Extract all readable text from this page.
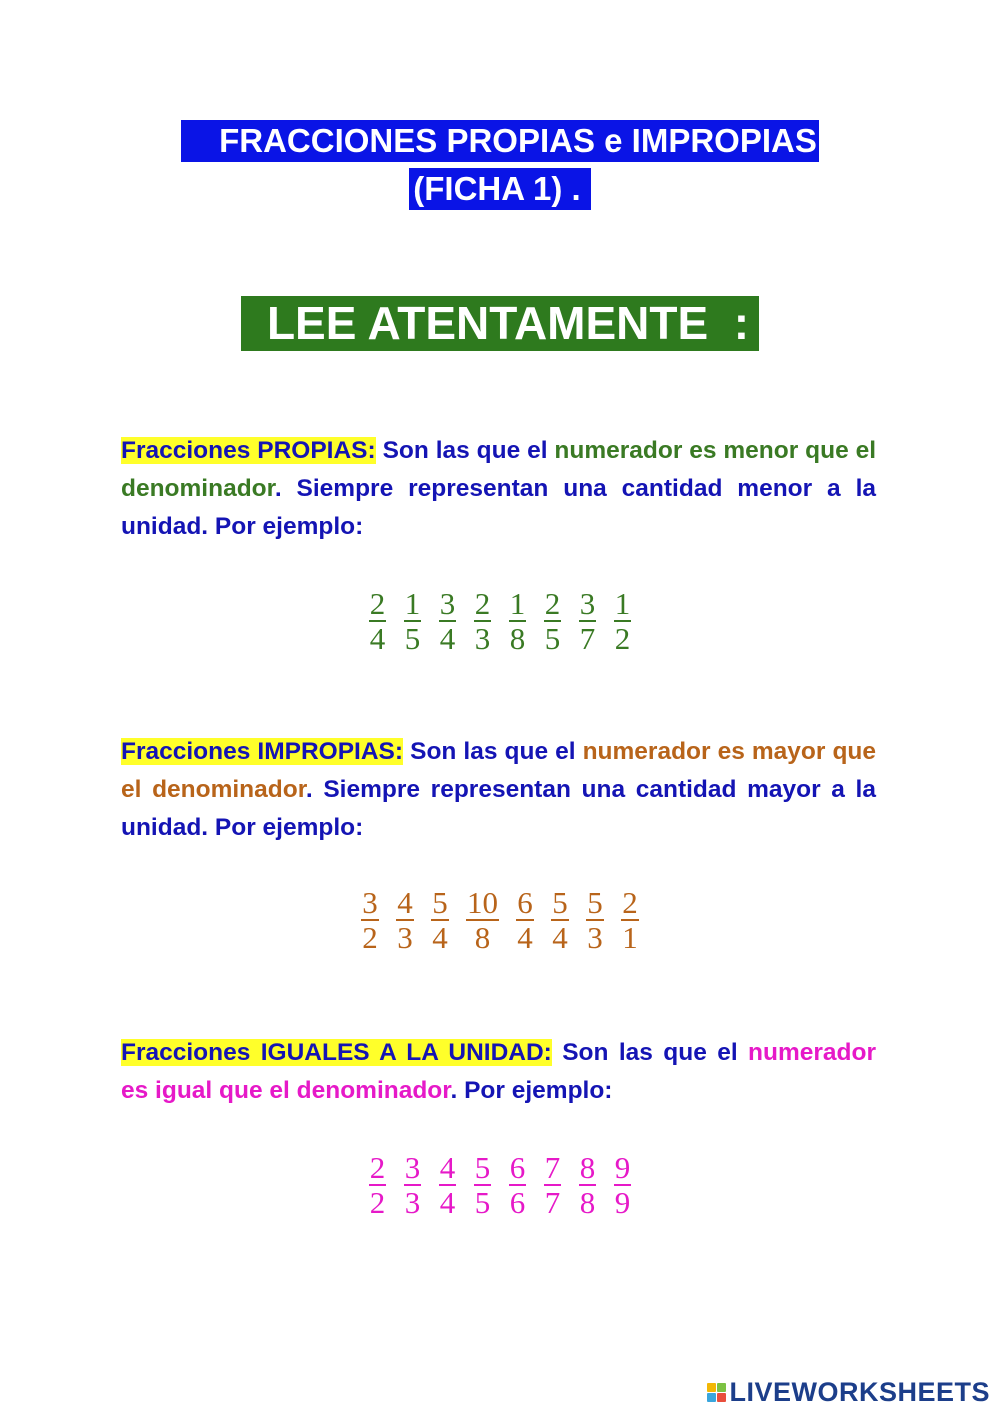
FRACCIONES PROPIAS e IMPROPIAS
(FICHA 1) .
LEE ATENTAMENTE  :
Fracciones PROPIAS: Son las que el numerador es menor que el denominador. Siempre representan una cantidad menor a la unidad. Por ejemplo:
$\frac{2}{4} \frac{1}{5} \frac{3}{4} \frac{2}{3} \frac{1}{8} \frac{2}{5} \frac{3}{7} \frac{1}{2}$
Fracciones IMPROPIAS: Son las que el numerador es mayor que el denominador. Siempre representan una cantidad mayor a la unidad. Por ejemplo:
$\frac{3}{2} \frac{4}{3} \frac{5}{4} \frac{10}{8} \frac{6}{4} \frac{5}{4} \frac{5}{3} \frac{2}{1}$
Fracciones IGUALES A LA UNIDAD: Son las que el numerador es igual que el denominador. Por ejemplo:
$\frac{2}{2} \frac{3}{3} \frac{4}{4} \frac{5}{5} \frac{6}{6} \frac{7}{7} \frac{8}{8} \frac{9}{9}$
LIVEWORKSHEETS
